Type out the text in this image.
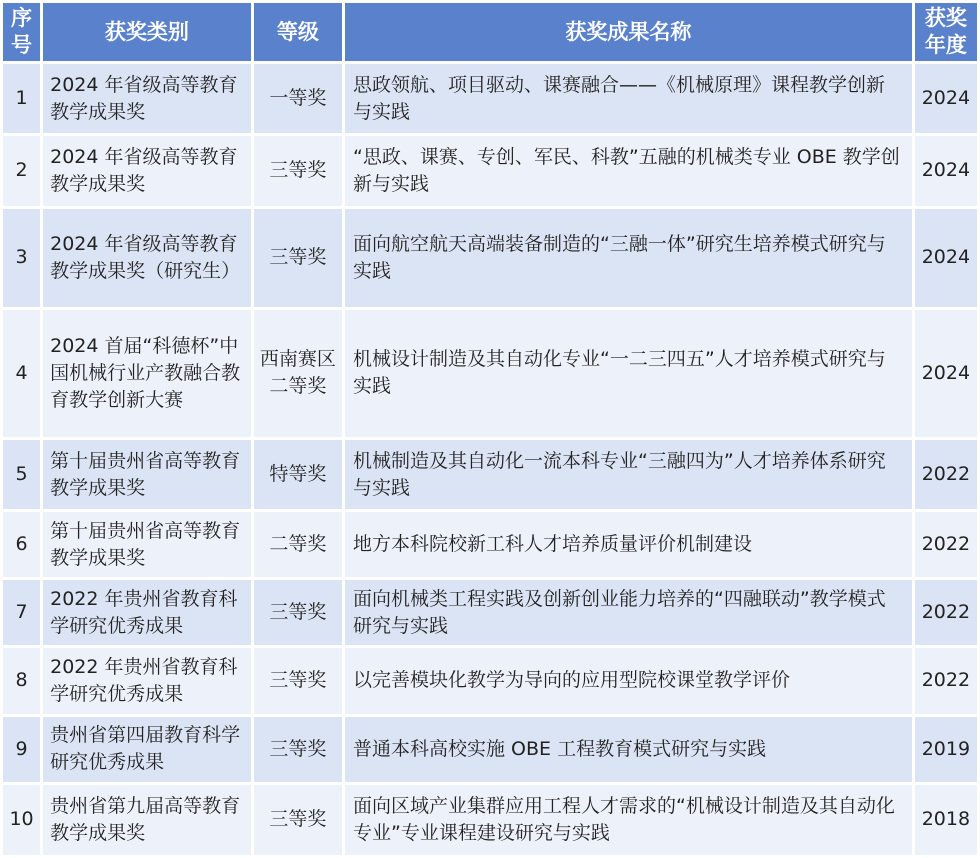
序号	获奖类别	等级	获奖成果名称	获奖年度
1	2024 年省级高等教育教学成果奖	一等奖	思政领航、项目驱动、课赛融合——《机械原理》课程教学创新与实践	2024
2	2024 年省级高等教育教学成果奖	三等奖	“思政、课赛、专创、军民、科教”五融的机械类专业 OBE 教学创新与实践	2024
3	2024 年省级高等教育教学成果奖（研究生）	三等奖	面向航空航天高端装备制造的“三融一体”研究生培养模式研究与实践	2024
4	2024 首届“科德杯”中国机械行业产教融合教育教学创新大赛	西南赛区二等奖	机械设计制造及其自动化专业“一二三四五”人才培养模式研究与实践	2024
5	第十届贵州省高等教育教学成果奖	特等奖	机械制造及其自动化一流本科专业“三融四为”人才培养体系研究与实践	2022
6	第十届贵州省高等教育教学成果奖	二等奖	地方本科院校新工科人才培养质量评价机制建设	2022
7	2022 年贵州省教育科学研究优秀成果	三等奖	面向机械类工程实践及创新创业能力培养的“四融联动”教学模式研究与实践	2022
8	2022 年贵州省教育科学研究优秀成果	三等奖	以完善模块化教学为导向的应用型院校课堂教学评价	2022
9	贵州省第四届教育科学研究优秀成果	三等奖	普通本科高校实施 OBE 工程教育模式研究与实践	2019
10	贵州省第九届高等教育教学成果奖	三等奖	面向区域产业集群应用工程人才需求的“机械设计制造及其自动化专业”专业课程建设研究与实践	2018
